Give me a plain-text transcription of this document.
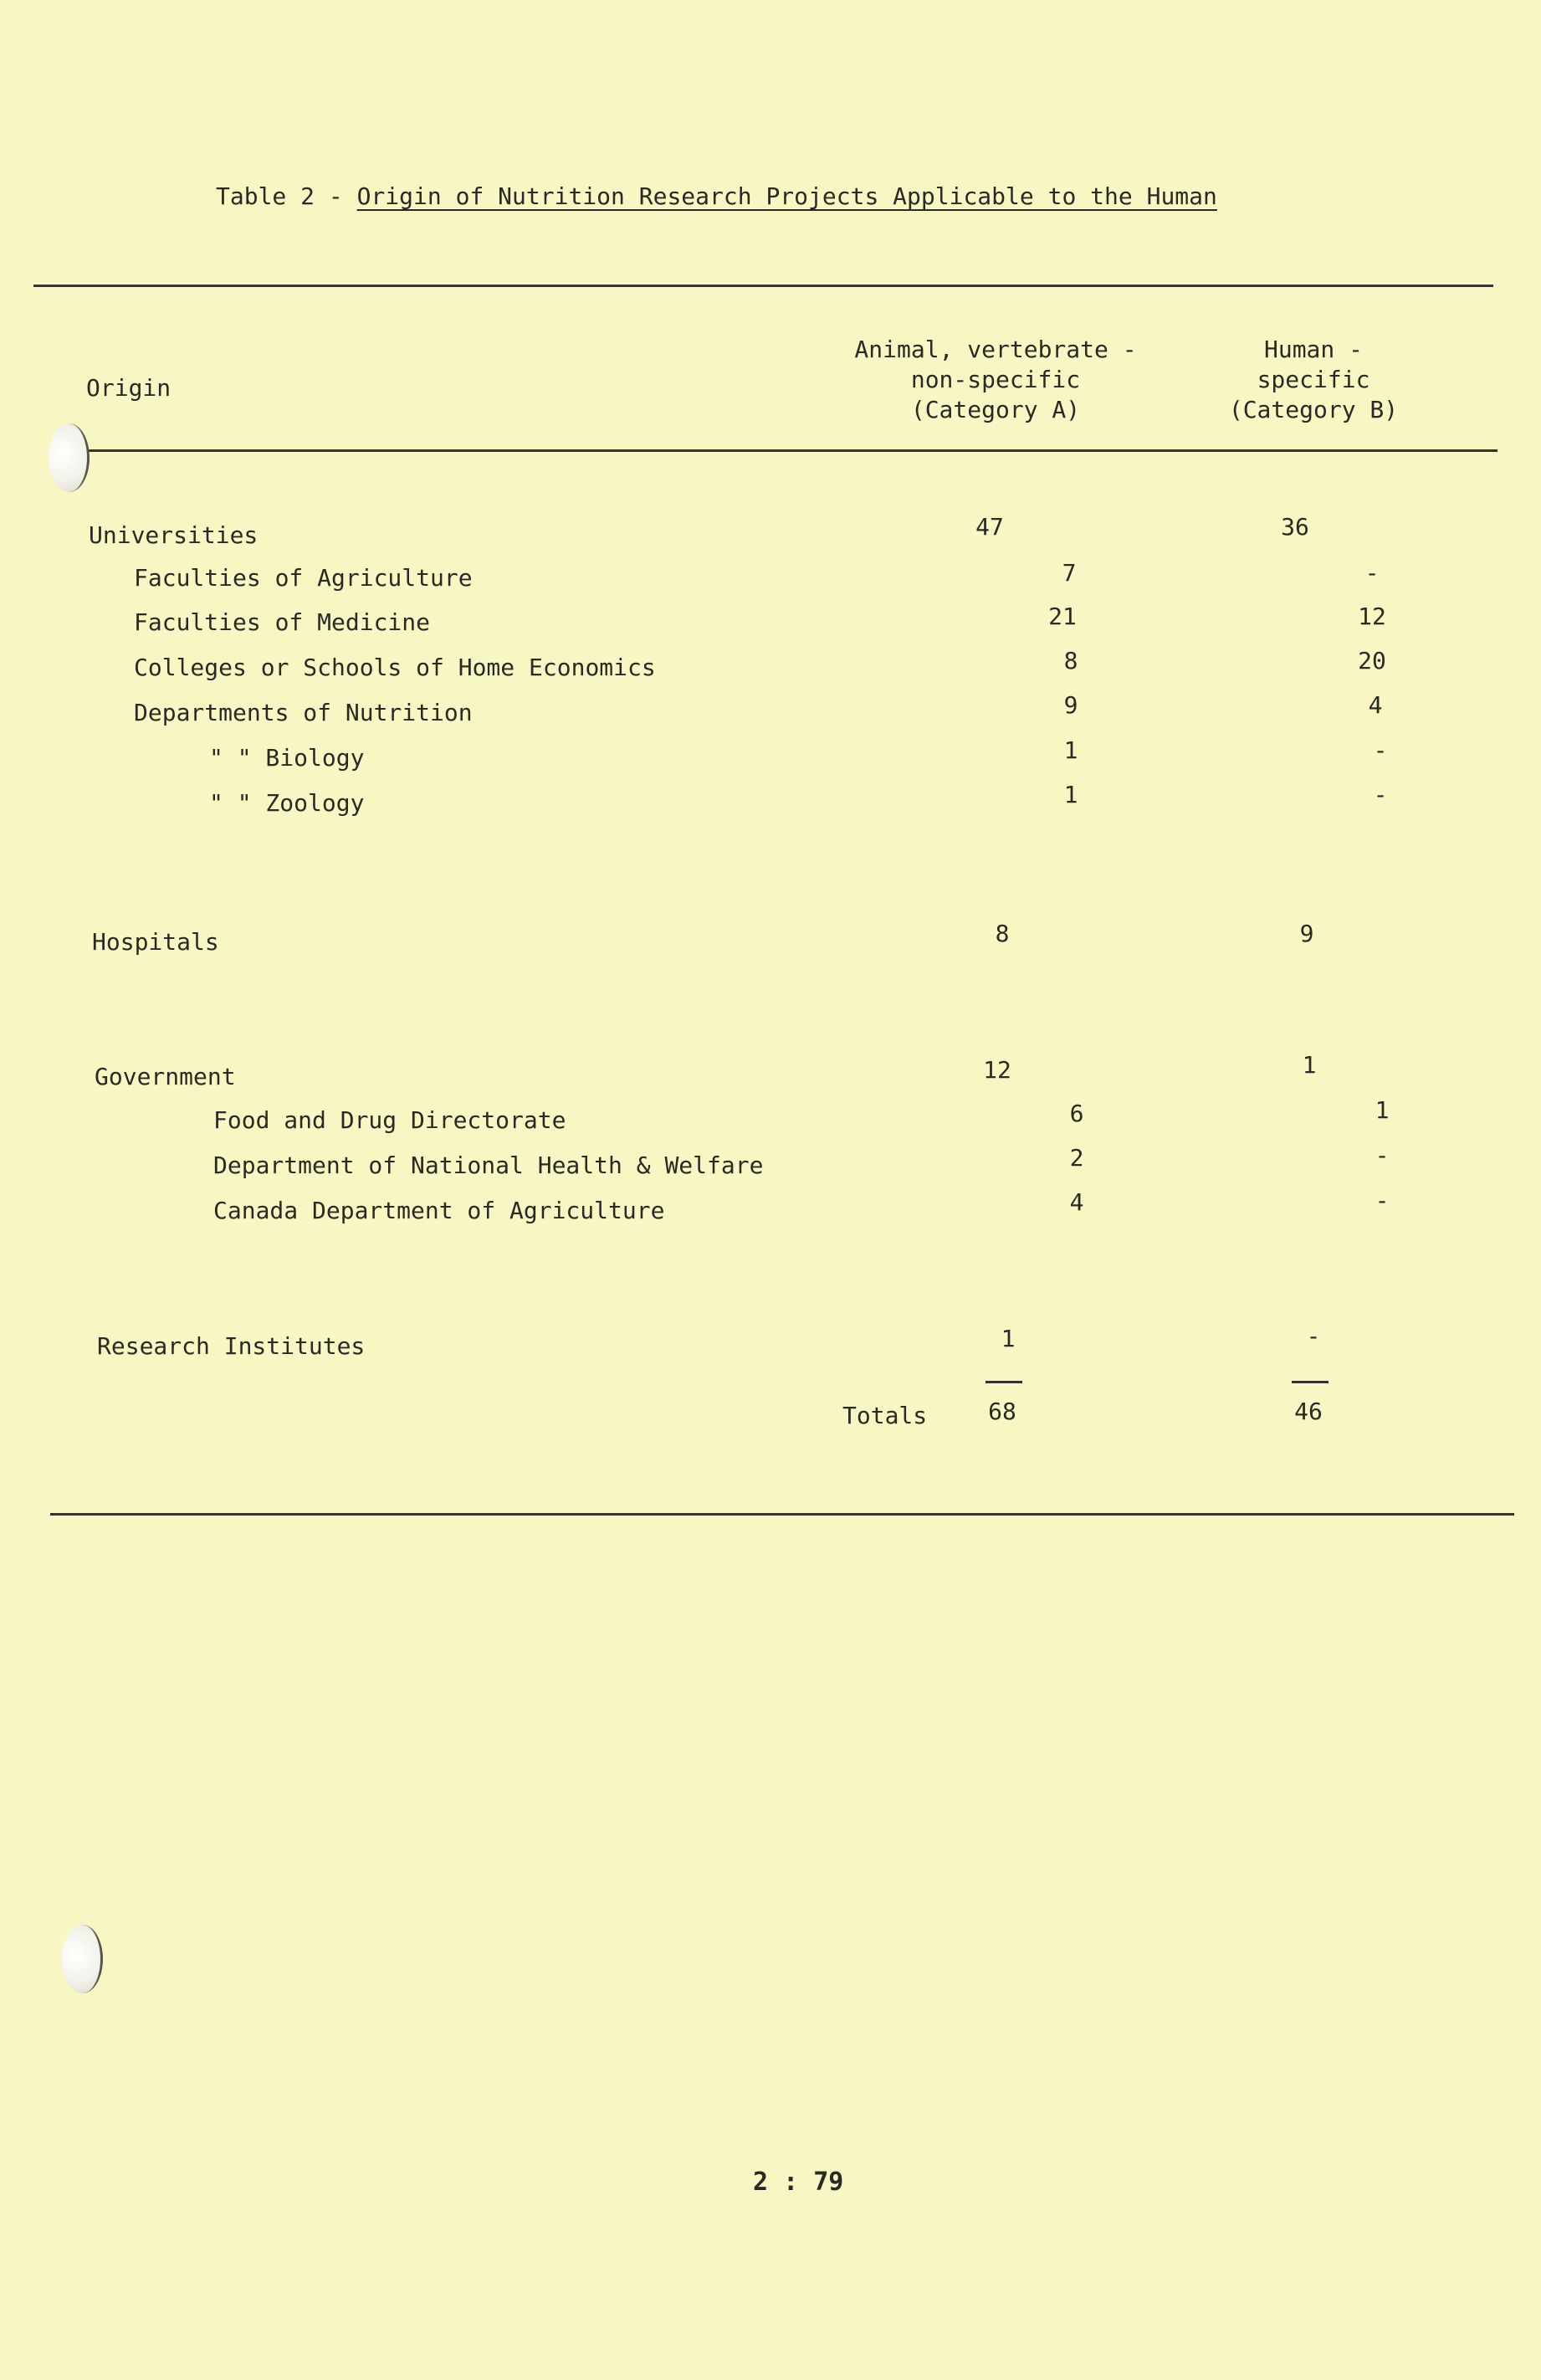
Table 2 - Origin of Nutrition Research Projects Applicable to the Human
Origin
Animal, vertebrate -
non-specific
(Category A)
Human -
specific
(Category B)
Universities	47	36
Faculties of Agriculture	7	-
Faculties of Medicine	21	12
Colleges or Schools of Home Economics	8	20
Departments of Nutrition	9	4
" " Biology	1	-
" " Zoology	1	-
Hospitals	8	9
Government	12	1
Food and Drug Directorate	6	1
Department of National Health & Welfare	2	-
Canada Department of Agriculture	4	-
Research Institutes	1	-
Totals	68	46
2 : 79
